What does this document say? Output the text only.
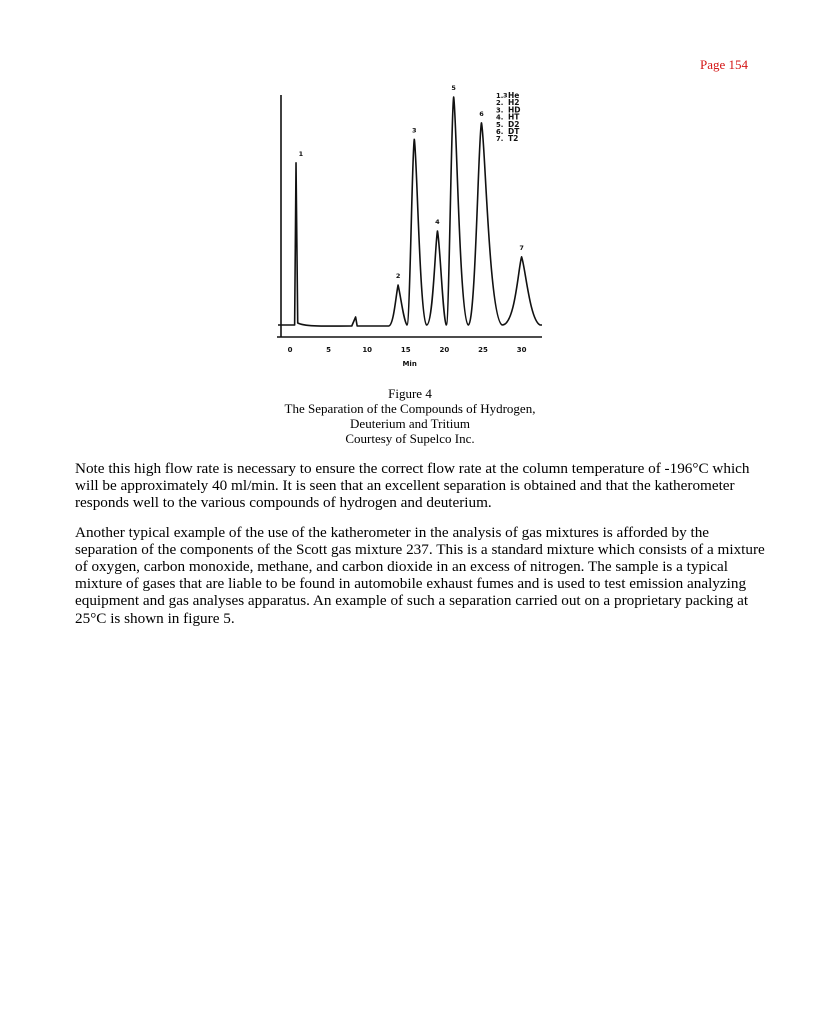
Page 154
1
2
3
4
5
6
7
0	5	10	15	20	25	30
Min
1. He
2. H2
3. HD
4. HT
5. D2
6. DT
7. T2
3
Figure 4
The Separation of the Compounds of Hydrogen,
Deuterium and Tritium
Courtesy of Supelco Inc.

Note this high flow rate is necessary to ensure the correct flow rate at the column temperature of -196°C which will be approximately 40 ml/min. It is seen that an excellent separation is obtained and that the katherometer responds well to the various compounds of hydrogen and deuterium.

Another typical example of the use of the katherometer in the analysis of gas mixtures is afforded by the separation of the components of the Scott gas mixture 237. This is a standard mixture which consists of a mixture of oxygen, carbon monoxide, methane, and carbon dioxide in an excess of nitrogen. The sample is a typical mixture of gases that are liable to be found in automobile exhaust fumes and is used to test emission analyzing equipment and gas analyses apparatus. An example of such a separation carried out on a proprietary packing at 25°C is shown in figure 5.
